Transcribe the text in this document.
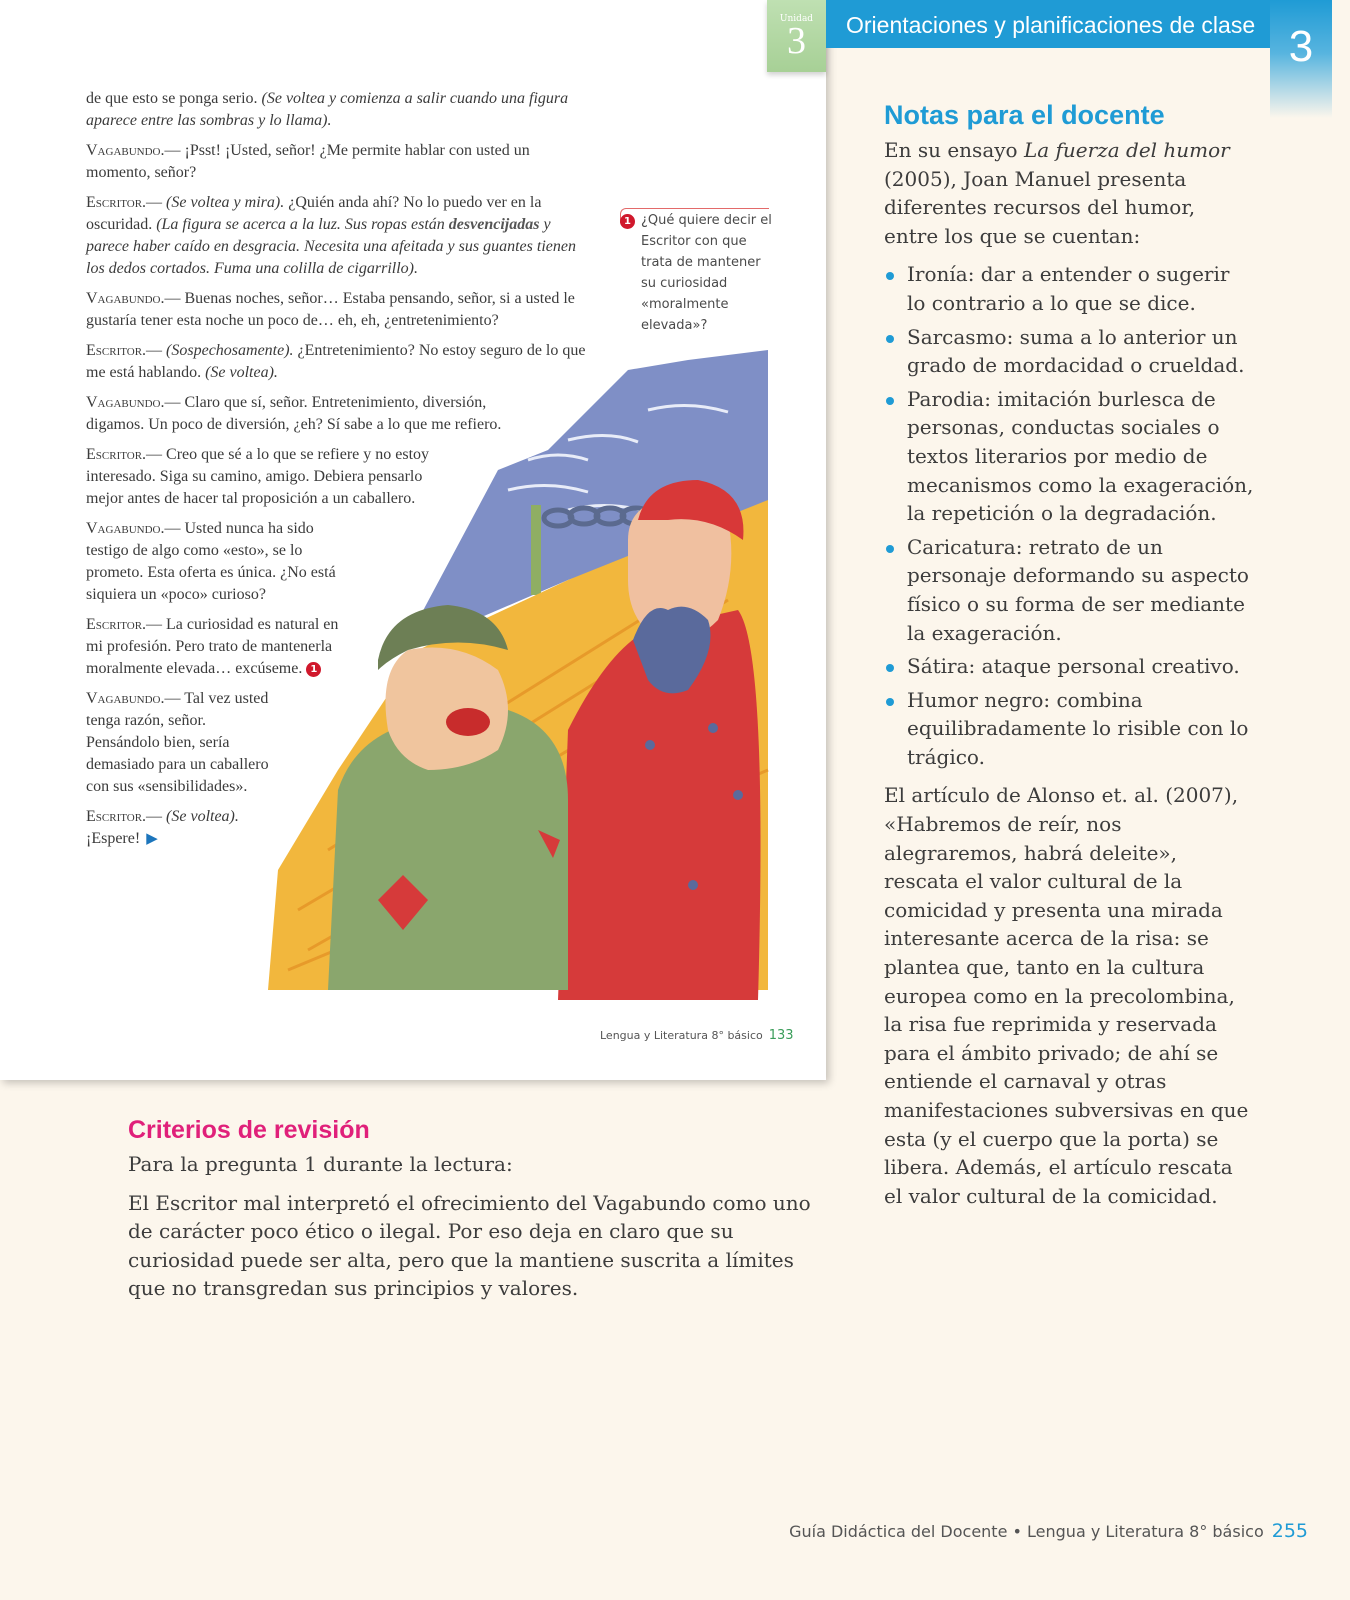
Unidad
3

de que esto se ponga serio. (Se voltea y comienza a salir cuando una figura aparece entre las sombras y lo llama).

Vagabundo.— ¡Psst! ¡Usted, señor! ¿Me permite hablar con usted un momento, señor?

Escritor.— (Se voltea y mira). ¿Quién anda ahí? No lo puedo ver en la oscuridad. (La figura se acerca a la luz. Sus ropas están desvencijadas y parece haber caído en desgracia. Necesita una afeitada y sus guantes tienen los dedos cortados. Fuma una colilla de cigarrillo).

Vagabundo.— Buenas noches, señor… Estaba pensando, señor, si a usted le gustaría tener esta noche un poco de… eh, eh, ¿entretenimiento?

Escritor.— (Sospechosamente). ¿Entretenimiento? No estoy seguro de lo que me está hablando. (Se voltea).

Vagabundo.— Claro que sí, señor. Entretenimiento, diversión, digamos. Un poco de diversión, ¿eh? Sí sabe a lo que me refiero.

Escritor.— Creo que sé a lo que se refiere y no estoy interesado. Siga su camino, amigo. Debiera pensarlo mejor antes de hacer tal proposición a un caballero.

Vagabundo.— Usted nunca ha sido testigo de algo como «esto», se lo prometo. Esta oferta es única. ¿No está siquiera un «poco» curioso?

Escritor.— La curiosidad es natural en mi profesión. Pero trato de mantenerla moralmente elevada… excúseme. 1

Vagabundo.— Tal vez usted tenga razón, señor. Pensándolo bien, sería demasiado para un caballero con sus «sensibilidades».

Escritor.— (Se voltea).
¡Espere! ▶

1 ¿Qué quiere decir el Escritor con que trata de mantener su curiosidad «moralmente elevada»?
Lengua y Literatura 8° básico 133
Orientaciones y planificaciones de clase 3
Notas para el docente

En su ensayo La fuerza del humor (2005), Joan Manuel presenta diferentes recursos del humor, entre los que se cuentan:

Ironía: dar a entender o sugerir lo contrario a lo que se dice.
Sarcasmo: suma a lo anterior un grado de mordacidad o crueldad.
Parodia: imitación burlesca de personas, conductas sociales o textos literarios por medio de mecanismos como la exageración, la repetición o la degradación.
Caricatura: retrato de un personaje deformando su aspecto físico o su forma de ser mediante la exageración.
Sátira: ataque personal creativo.
Humor negro: combina equilibradamente lo risible con lo trágico.

El artículo de Alonso et. al. (2007), «Habremos de reír, nos alegraremos, habrá deleite», rescata el valor cultural de la comicidad y presenta una mirada interesante acerca de la risa: se plantea que, tanto en la cultura europea como en la precolombina, la risa fue reprimida y reservada para el ámbito privado; de ahí se entiende el carnaval y otras manifestaciones subversivas en que esta (y el cuerpo que la porta) se libera. Además, el artículo rescata el valor cultural de la comicidad.

Criterios de revisión

Para la pregunta 1 durante la lectura:

El Escritor mal interpretó el ofrecimiento del Vagabundo como uno de carácter poco ético o ilegal. Por eso deja en claro que su curiosidad puede ser alta, pero que la mantiene suscrita a límites que no transgredan sus principios y valores.

Guía Didáctica del Docente • Lengua y Literatura 8° básico 255
